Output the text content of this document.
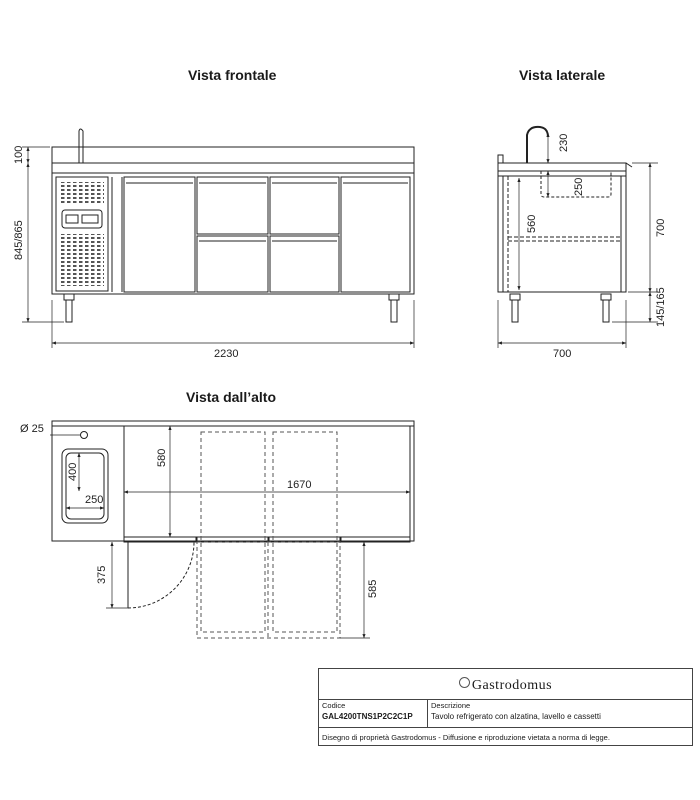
Vista frontale	Vista laterale
Vista dall’alto
100
845/865
2230
230
250
560	700
145/165
700
Ø 25
400
250
580
1670
375
585
Gastrodomus
Codice
GAL4200TNS1P2C2C1P
Descrizione
Tavolo refrigerato con alzatina, lavello e cassetti
Disegno di proprietà Gastrodomus - Diffusione e riproduzione vietata a norma di legge.
